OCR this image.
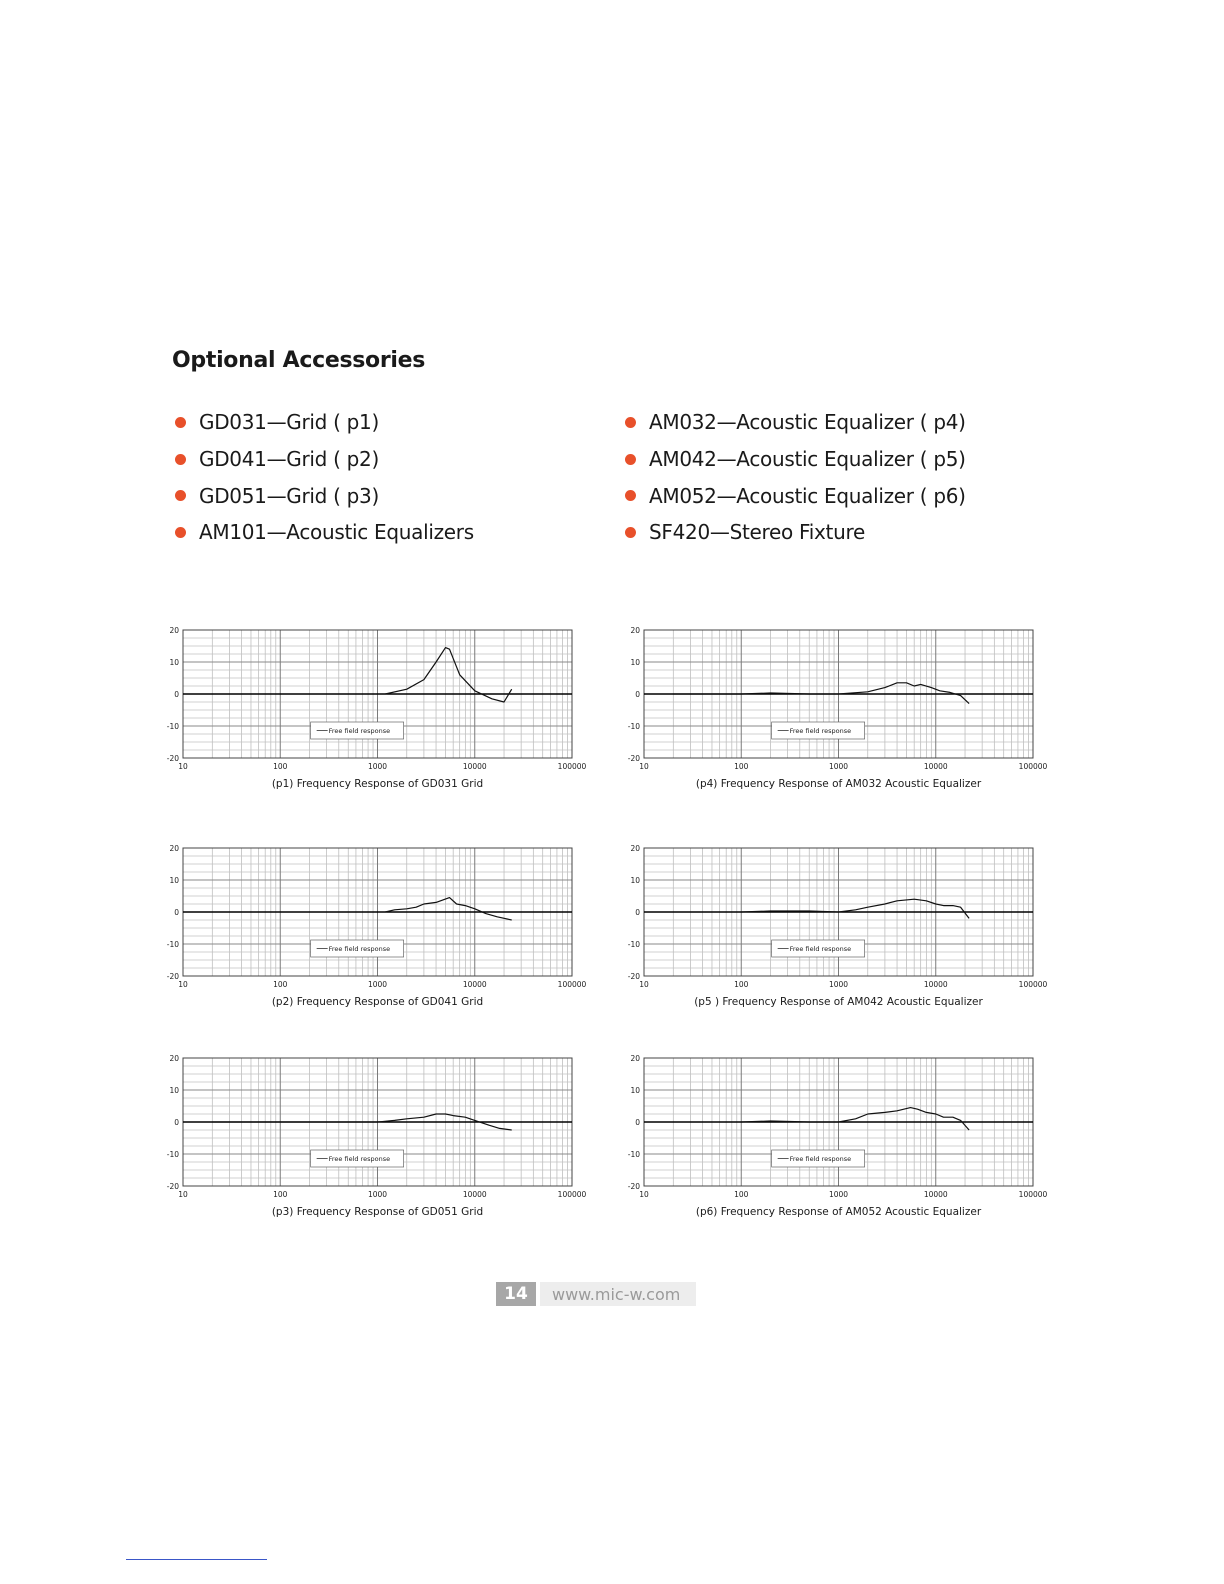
Optional Accessories
GD031—Grid ( p1)
GD041—Grid ( p2)
GD051—Grid ( p3)
AM101—Acoustic Equalizers
AM032—Acoustic Equalizer ( p4)
AM042—Acoustic Equalizer ( p5)
AM052—Acoustic Equalizer ( p6)
SF420—Stereo Fixture
10	100	1000	10000	100000
20
10
0
-10
-20
Free field response
(p1) Frequency Response of GD031 Grid
10	100	1000	10000	100000
20
10
0
-10
-20
Free field response
(p4) Frequency Response of AM032 Acoustic Equalizer
10	100	1000	10000	100000
20
10
0
-10
-20
Free field response
(p2) Frequency Response of GD041 Grid
10	100	1000	10000	100000
20
10
0
-10
-20
Free field response
(p5 ) Frequency Response of AM042 Acoustic Equalizer
10	100	1000	10000	100000
20
10
0
-10
-20
Free field response
(p3) Frequency Response of GD051 Grid
10	100	1000	10000	100000
20
10
0
-10
-20
Free field response
(p6) Frequency Response of AM052 Acoustic Equalizer
14	www.mic-w.com
